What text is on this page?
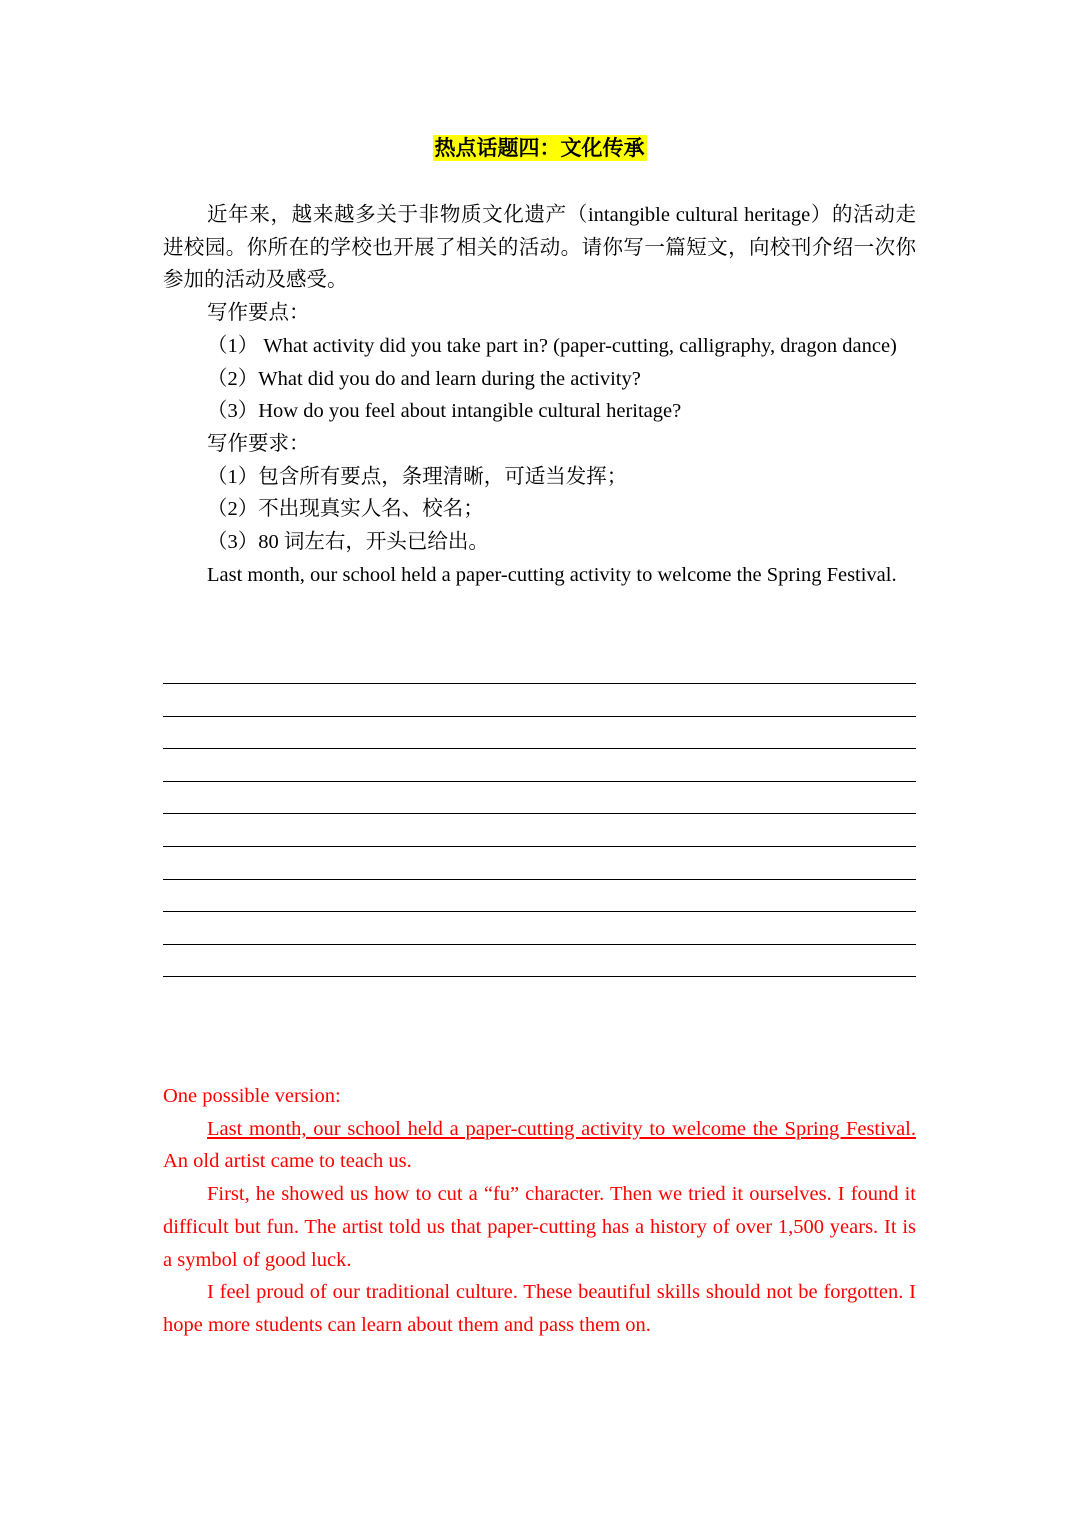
热点话题四：文化传承

近年来，越来越多关于非物质文化遗产（intangible cultural heritage）的活动走进校园。你所在的学校也开展了相关的活动。请你写一篇短文，向校刊介绍一次你参加的活动及感受。

写作要点：

（1） What activity did you take part in? (paper-cutting, calligraphy, dragon dance)

（2）What did you do and learn during the activity?

（3）How do you feel about intangible cultural heritage?

写作要求：

（1）包含所有要点，条理清晰，可适当发挥；

（2）不出现真实人名、校名；

（3）80 词左右，开头已给出。

Last month, our school held a paper-cutting activity to welcome the Spring Festival.

One possible version:

Last month, our school held a paper-cutting activity to welcome the Spring Festival. An old artist came to teach us.

First, he showed us how to cut a “fu” character. Then we tried it ourselves. I found it difficult but fun. The artist told us that paper-cutting has a history of over 1,500 years. It is a symbol of good luck.

I feel proud of our traditional culture. These beautiful skills should not be forgotten. I hope more students can learn about them and pass them on.
